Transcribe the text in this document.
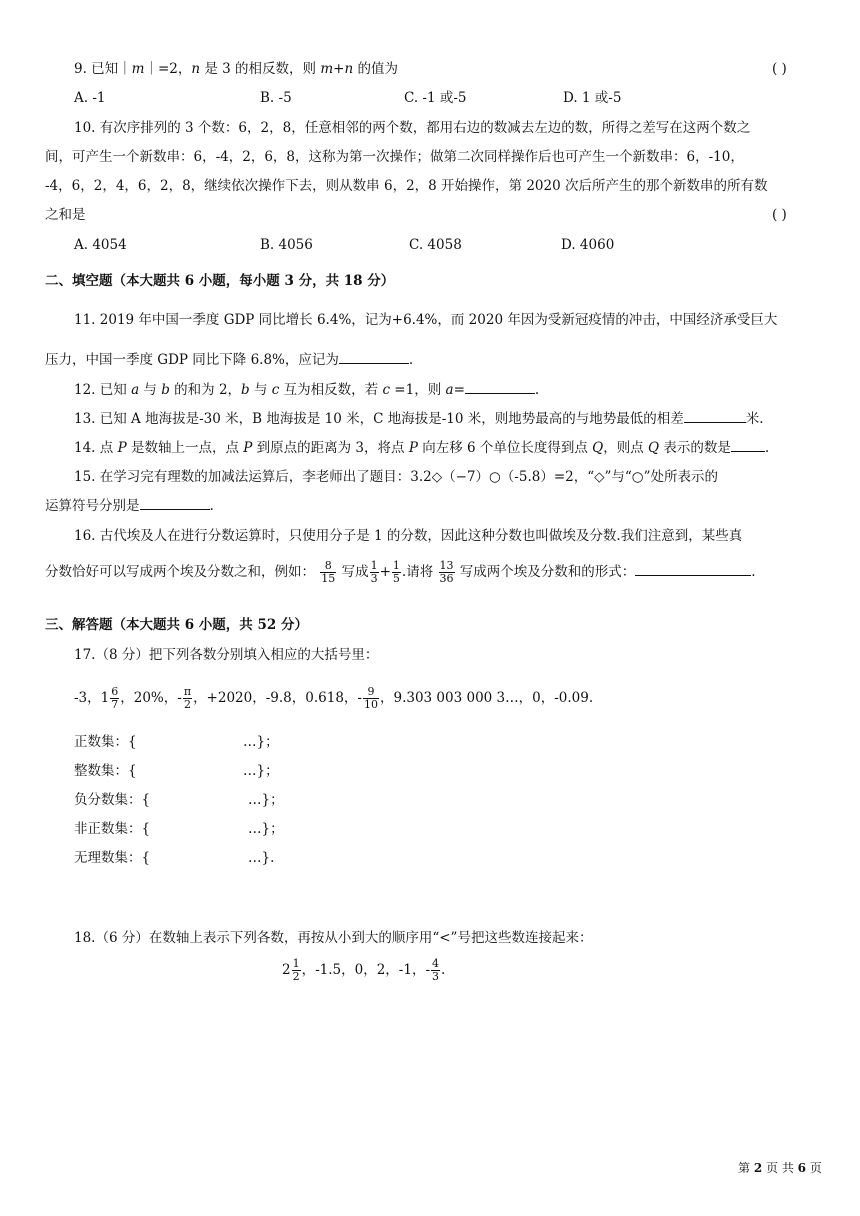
9. 已知｜m｜=2，n 是 3 的相反数，则 m+n 的值为	( )
A. -1	B. -5	C. -1 或-5	D. 1 或-5
10. 有次序排列的 3 个数：6，2，8，任意相邻的两个数，都用右边的数减去左边的数，所得之差写在这两个数之
间，可产生一个新数串：6，-4，2，6，8，这称为第一次操作；做第二次同样操作后也可产生一个新数串：6，-10，
-4，6，2，4，6，2，8，继续依次操作下去，则从数串 6，2，8 开始操作，第 2020 次后所产生的那个新数串的所有数
之和是	( )
A. 4054	B. 4056	C. 4058	D. 4060
二、填空题（本大题共 6 小题，每小题 3 分，共 18 分）
11. 2019 年中国一季度 GDP 同比增长 6.4%，记为+6.4%，而 2020 年因为受新冠疫情的冲击，中国经济承受巨大
压力，中国一季度 GDP 同比下降 6.8%，应记为	.
12. 已知 a 与 b 的和为 2，b 与 c 互为相反数，若 c =1，则 a=	.
13. 已知 A 地海拔是-30 米，B 地海拔是 10 米，C 地海拔是-10 米，则地势最高的与地势最低的相差	米.
14. 点 P 是数轴上一点，点 P 到原点的距离为 3，将点 P 向左移 6 个单位长度得到点 Q，则点 Q 表示的数是	.
15. 在学习完有理数的加减法运算后，李老师出了题目：3.2◇（−7）○（-5.8）=2，“◇”与“○”处所表示的
运算符号分别是	.
16. 古代埃及人在进行分数运算时，只使用分子是 1 的分数，因此这种分数也叫做埃及分数.我们注意到，某些真
分数恰好可以写成两个埃及分数之和，例如： $\frac{8}{15}$ 写成 $\frac{1}{3} + \frac{1}{5}$ .请将 $\frac{13}{36}$ 写成两个埃及分数和的形式：	.
三、解答题（本大题共 6 小题，共 52 分）
17.（8 分）把下列各数分别填入相应的大括号里：
-3，$1 \frac{6}{7}$ ，20%，- $\frac{\pi}{2}$ ，+2020，-9.8，0.618，- $\frac{9}{10}$ ，9.303 003 000 3…，0，-0.09.
正数集：{	…}；
整数集：{	…}；
负分数集：{	…}；
非正数集：{	…}；
无理数集：{	…}.
18.（6 分）在数轴上表示下列各数，再按从小到大的顺序用“<”号把这些数连接起来：
$2 \frac{1}{2}$ ，-1.5，0，2，-1，- $\frac{4}{3}$ .
第 2 页 共 6 页
